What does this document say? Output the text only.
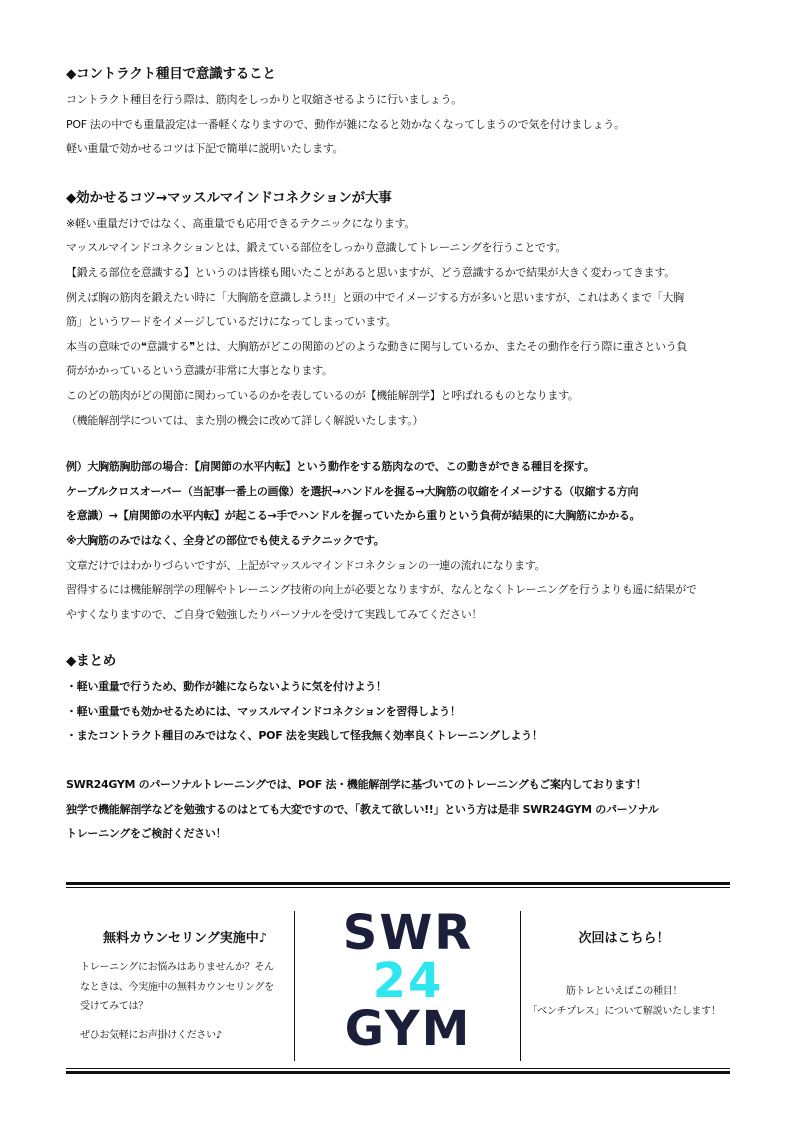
◆コントラクト種目で意識すること

コントラクト種目を行う際は、筋肉をしっかりと収縮させるように行いましょう。

POF 法の中でも重量設定は一番軽くなりますので、動作が雑になると効かなくなってしまうので気を付けましょう。

軽い重量で効かせるコツは下記で簡単に説明いたします。

◆効かせるコツ→マッスルマインドコネクションが大事

※軽い重量だけではなく、高重量でも応用できるテクニックになります。

マッスルマインドコネクションとは、鍛えている部位をしっかり意識してトレーニングを行うことです。

【鍛える部位を意識する】というのは皆様も聞いたことがあると思いますが、どう意識するかで結果が大きく変わってきます。

例えば胸の筋肉を鍛えたい時に「大胸筋を意識しよう!!」と頭の中でイメージする方が多いと思いますが、これはあくまで「大胸

筋」というワードをイメージしているだけになってしまっています。

本当の意味での❝意識する❞とは、大胸筋がどこの関節のどのような動きに関与しているか、またその動作を行う際に重さという負

荷がかかっているという意識が非常に大事となります。

このどの筋肉がどの関節に関わっているのかを表しているのが【機能解剖学】と呼ばれるものとなります。

（機能解剖学については、また別の機会に改めて詳しく解説いたします。）

例）大胸筋胸肋部の場合：【肩関節の水平内転】という動作をする筋肉なので、この動きができる種目を探す。

ケーブルクロスオーバー（当記事一番上の画像）を選択→ハンドルを握る→大胸筋の収縮をイメージする（収縮する方向

を意識）→【肩関節の水平内転】が起こる→手でハンドルを握っていたから重りという負荷が結果的に大胸筋にかかる。

※大胸筋のみではなく、全身どの部位でも使えるテクニックです。

文章だけではわかりづらいですが、上記がマッスルマインドコネクションの一連の流れになります。

習得するには機能解剖学の理解やトレーニング技術の向上が必要となりますが、なんとなくトレーニングを行うよりも遥に結果がで

やすくなりますので、ご自身で勉強したりパーソナルを受けて実践してみてください！

◆まとめ

・軽い重量で行うため、動作が雑にならないように気を付けよう！

・軽い重量でも効かせるためには、マッスルマインドコネクションを習得しよう！

・またコントラクト種目のみではなく、POF 法を実践して怪我無く効率良くトレーニングしよう！

SWR24GYM のパーソナルトレーニングでは、POF 法・機能解剖学に基づいてのトレーニングもご案内しております！

独学で機能解剖学などを勉強するのはとても大変ですので、「教えて欲しい!!」という方は是非 SWR24GYM のパーソナル

トレーニングをご検討ください！

無料カウンセリング実施中♪

トレーニングにお悩みはありませんか？そん

なときは、今実施中の無料カウンセリングを

受けてみては？

ぜひお気軽にお声掛けください♪

SWR
24
GYM
次回はこちら！

筋トレといえばこの種目！

「ベンチプレス」について解説いたします！
